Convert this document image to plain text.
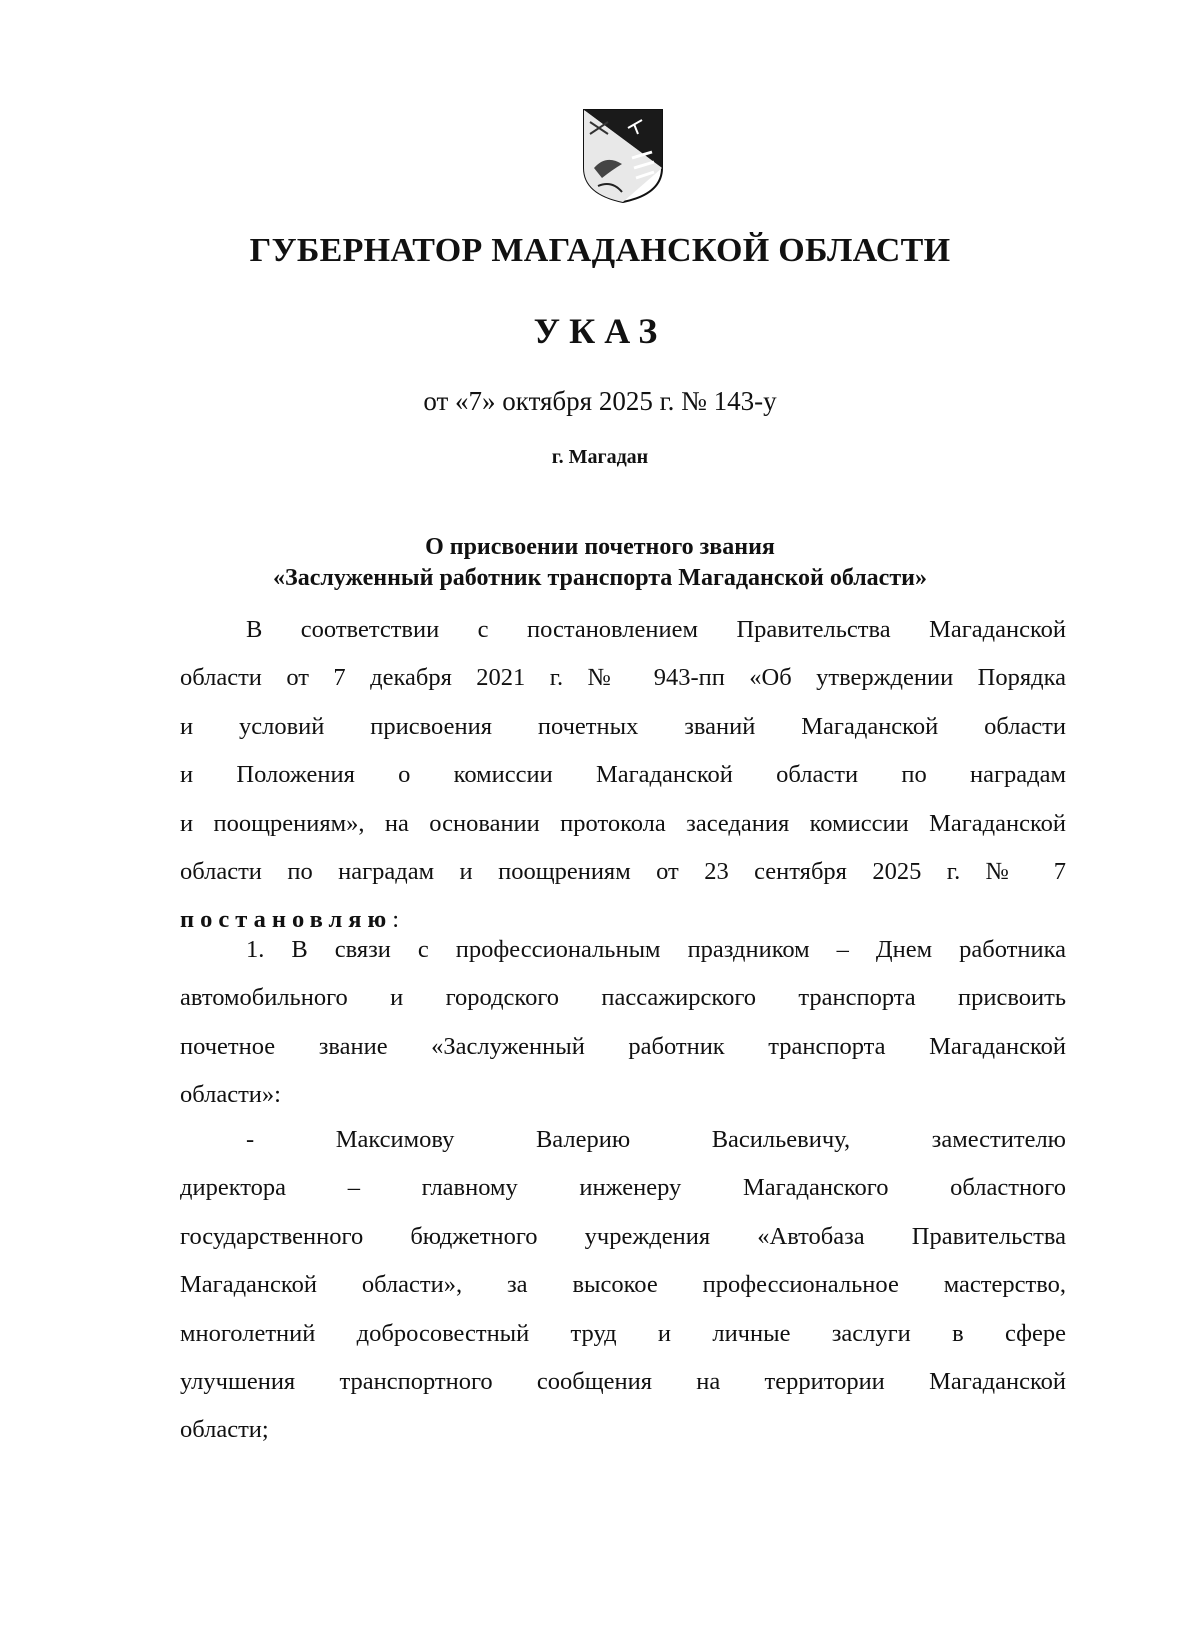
ГУБЕРНАТОР МАГАДАНСКОЙ ОБЛАСТИ
УКАЗ
от «7» октября 2025 г. № 143-у
г. Магадан
О присвоении почетного звания
«Заслуженный работник транспорта Магаданской области»
В соответствии с постановлением Правительства Магаданской
области от 7 декабря 2021 г. № 943-пп «Об утверждении Порядка
и условий присвоения почетных званий Магаданской области
и Положения о комиссии Магаданской области по наградам
и поощрениям», на основании протокола заседания комиссии Магаданской
области по наградам и поощрениям от 23 сентября 2025 г. № 7
постановляю:
1. В связи с профессиональным праздником – Днем работника
автомобильного и городского пассажирского транспорта присвоить
почетное звание «Заслуженный работник транспорта Магаданской
области»:
- Максимову Валерию Васильевичу, заместителю
директора – главному инженеру Магаданского областного
государственного бюджетного учреждения «Автобаза Правительства
Магаданской области», за высокое профессиональное мастерство,
многолетний добросовестный труд и личные заслуги в сфере
улучшения транспортного сообщения на территории Магаданской
области;
